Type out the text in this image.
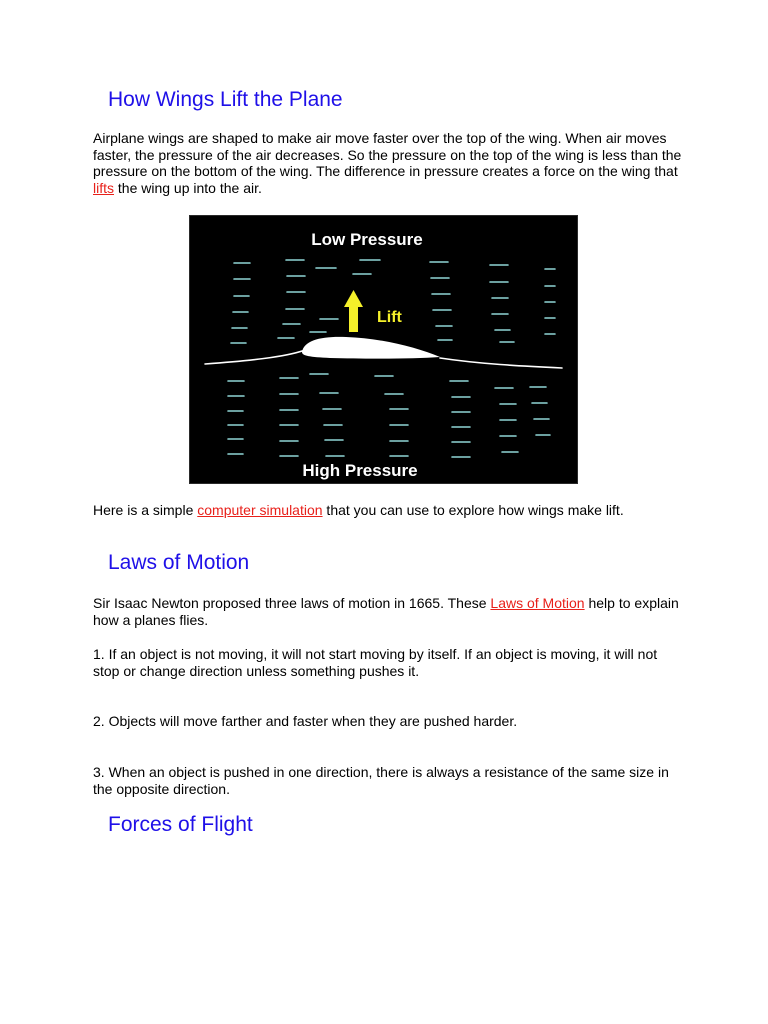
How Wings Lift the Plane

Airplane wings are shaped to make air move faster over the top of the wing. When air moves faster, the pressure of the air decreases. So the pressure on the top of the wing is less than the pressure on the bottom of the wing. The difference in pressure creates a force on the wing that lifts the wing up into the air.

Low Pressure
Lift
High Pressure

Here is a simple computer simulation that you can use to explore how wings make lift.

Laws of Motion

Sir Isaac Newton proposed three laws of motion in 1665. These Laws of Motion help to explain how a planes flies.

1. If an object is not moving, it will not start moving by itself. If an object is moving, it will not stop or change direction unless something pushes it.

2. Objects will move farther and faster when they are pushed harder.

3. When an object is pushed in one direction, there is always a resistance of the same size in the opposite direction.

Forces of Flight
